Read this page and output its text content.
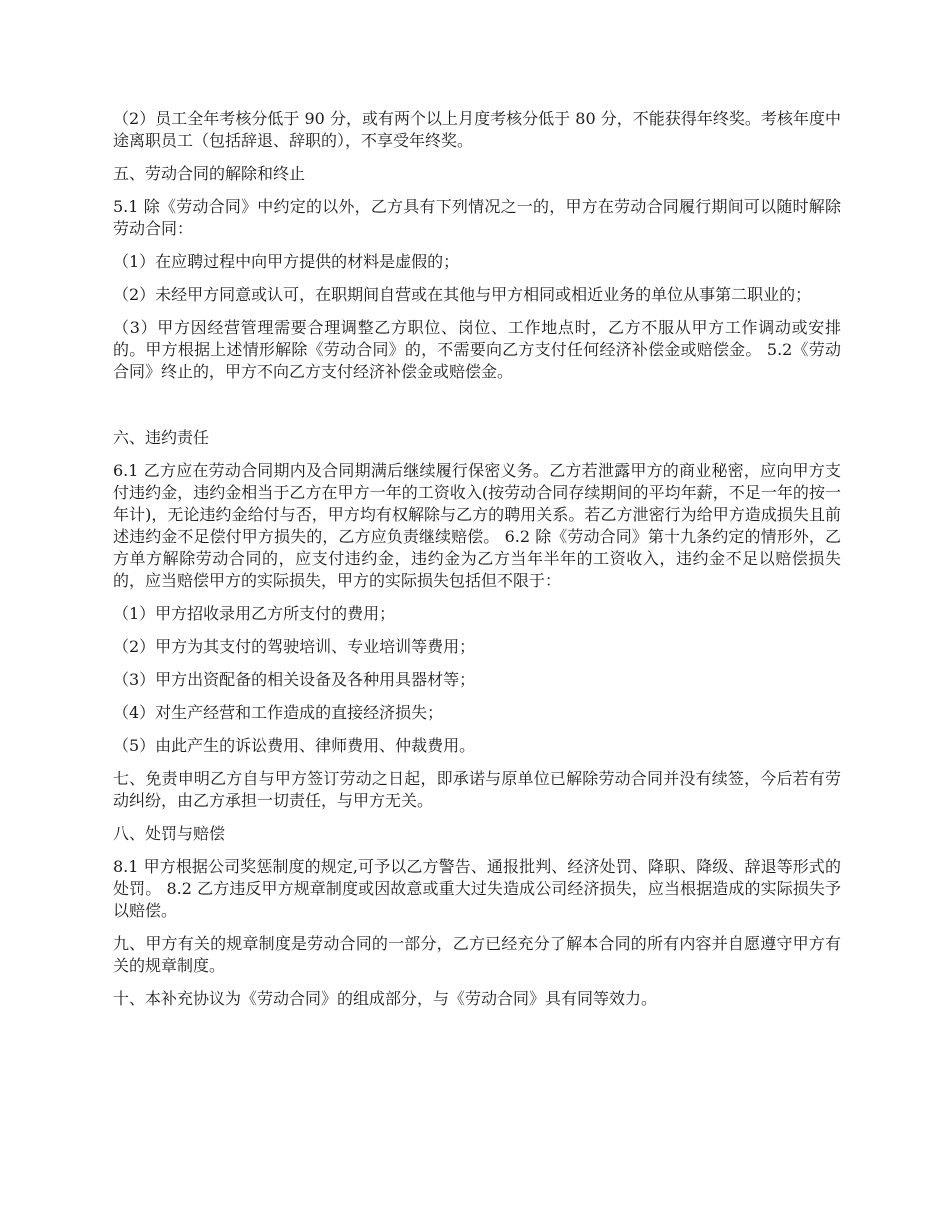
（2）员工全年考核分低于 90 分，或有两个以上月度考核分低于 80 分，不能获得年终奖。考核年度中途离职员工（包括辞退、辞职的），不享受年终奖。

五、劳动合同的解除和终止

5.1 除《劳动合同》中约定的以外，乙方具有下列情况之一的，甲方在劳动合同履行期间可以随时解除劳动合同：

（1）在应聘过程中向甲方提供的材料是虚假的；

（2）未经甲方同意或认可，在职期间自营或在其他与甲方相同或相近业务的单位从事第二职业的；

（3）甲方因经营管理需要合理调整乙方职位、岗位、工作地点时，乙方不服从甲方工作调动或安排的。甲方根据上述情形解除《劳动合同》的，不需要向乙方支付任何经济补偿金或赔偿金。 5.2《劳动合同》终止的，甲方不向乙方支付经济补偿金或赔偿金。

六、违约责任

6.1 乙方应在劳动合同期内及合同期满后继续履行保密义务。乙方若泄露甲方的商业秘密，应向甲方支付违约金，违约金相当于乙方在甲方一年的工资收入(按劳动合同存续期间的平均年薪，不足一年的按一年计)，无论违约金给付与否，甲方均有权解除与乙方的聘用关系。若乙方泄密行为给甲方造成损失且前述违约金不足偿付甲方损失的，乙方应负责继续赔偿。 6.2 除《劳动合同》第十九条约定的情形外，乙方单方解除劳动合同的，应支付违约金，违约金为乙方当年半年的工资收入，违约金不足以赔偿损失的，应当赔偿甲方的实际损失，甲方的实际损失包括但不限于：

（1）甲方招收录用乙方所支付的费用；

（2）甲方为其支付的驾驶培训、专业培训等费用；

（3）甲方出资配备的相关设备及各种用具器材等；

（4）对生产经营和工作造成的直接经济损失；

（5）由此产生的诉讼费用、律师费用、仲裁费用。

七、免责申明乙方自与甲方签订劳动之日起，即承诺与原单位已解除劳动合同并没有续签，今后若有劳动纠纷，由乙方承担一切责任，与甲方无关。

八、处罚与赔偿

8.1 甲方根据公司奖惩制度的规定,可予以乙方警告、通报批判、经济处罚、降职、降级、辞退等形式的处罚。 8.2 乙方违反甲方规章制度或因故意或重大过失造成公司经济损失，应当根据造成的实际损失予以赔偿。

九、甲方有关的规章制度是劳动合同的一部分，乙方已经充分了解本合同的所有内容并自愿遵守甲方有关的规章制度。

十、本补充协议为《劳动合同》的组成部分，与《劳动合同》具有同等效力。
